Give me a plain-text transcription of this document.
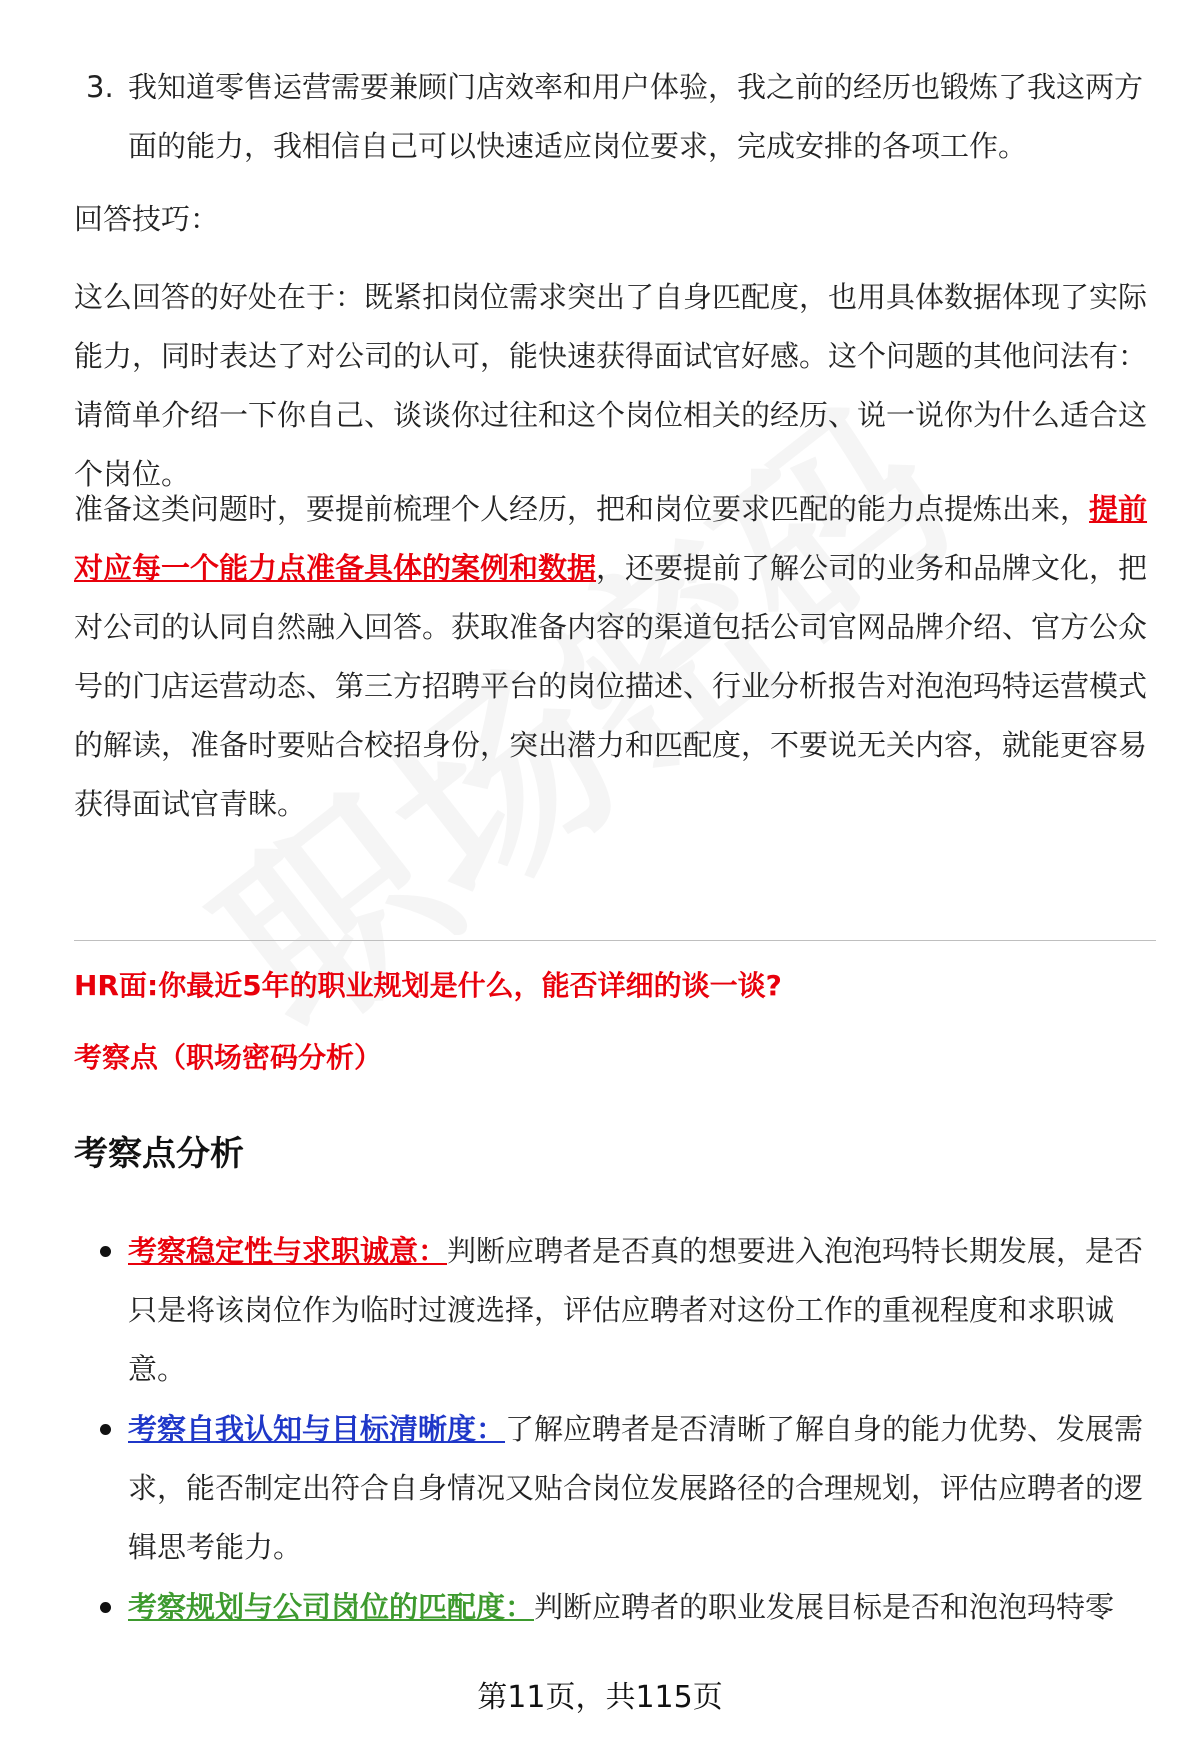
3. 我知道零售运营需要兼顾门店效率和用户体验，我之前的经历也锻炼了我这两方面的能力，我相信自己可以快速适应岗位要求，完成安排的各项工作。

回答技巧：

这么回答的好处在于：既紧扣岗位需求突出了自身匹配度，也用具体数据体现了实际能力，同时表达了对公司的认可，能快速获得面试官好感。这个问题的其他问法有：请简单介绍一下你自己、谈谈你过往和这个岗位相关的经历、说一说你为什么适合这个岗位。

准备这类问题时，要提前梳理个人经历，把和岗位要求匹配的能力点提炼出来，提前对应每一个能力点准备具体的案例和数据，还要提前了解公司的业务和品牌文化，把对公司的认同自然融入回答。获取准备内容的渠道包括公司官网品牌介绍、官方公众号的门店运营动态、第三方招聘平台的岗位描述、行业分析报告对泡泡玛特运营模式的解读，准备时要贴合校招身份，突出潜力和匹配度，不要说无关内容，就能更容易获得面试官青睐。

HR面:你最近5年的职业规划是什么，能否详细的谈一谈?
考察点（职场密码分析）
考察点分析
考察稳定性与求职诚意：判断应聘者是否真的想要进入泡泡玛特长期发展，是否只是将该岗位作为临时过渡选择，评估应聘者对这份工作的重视程度和求职诚意。
考察自我认知与目标清晰度：了解应聘者是否清晰了解自身的能力优势、发展需求，能否制定出符合自身情况又贴合岗位发展路径的合理规划，评估应聘者的逻辑思考能力。
考察规划与公司岗位的匹配度：判断应聘者的职业发展目标是否和泡泡玛特零
第11页，共115页
